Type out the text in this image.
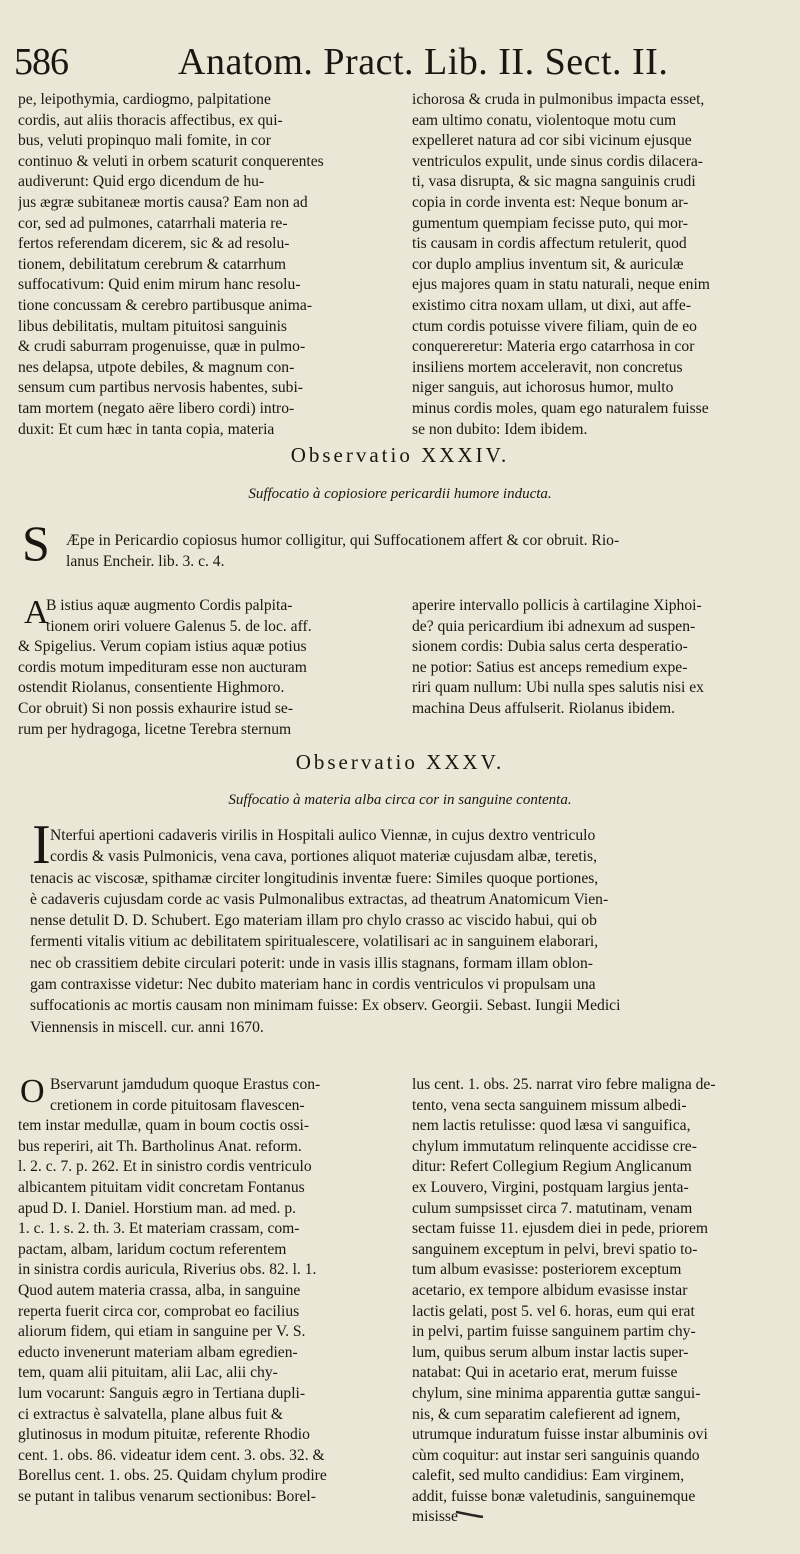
586	Anatom. Pract. Lib. II. Sect. II.
pe, leipothymia, cardiogmo, palpitatione
cordis, aut aliis thoracis affectibus, ex qui-
bus, veluti propinquo mali fomite, in cor
continuo & veluti in orbem scaturit conquerentes
audiverunt: Quid ergo dicendum de hu-
jus ægræ subitaneæ mortis causa? Eam non ad
cor, sed ad pulmones, catarrhali materia re-
fertos referendam dicerem, sic & ad resolu-
tionem, debilitatum cerebrum & catarrhum
suffocativum: Quid enim mirum hanc resolu-
tione concussam & cerebro partibusque anima-
libus debilitatis, multam pituitosi sanguinis
& crudi saburram progenuisse, quæ in pulmo-
nes delapsa, utpote debiles, & magnum con-
sensum cum partibus nervosis habentes, subi-
tam mortem (negato aëre libero cordi) intro-
duxit: Et cum hæc in tanta copia, materia
ichorosa & cruda in pulmonibus impacta esset,
eam ultimo conatu, violentoque motu cum
expelleret natura ad cor sibi vicinum ejusque
ventriculos expulit, unde sinus cordis dilacera-
ti, vasa disrupta, & sic magna sanguinis crudi
copia in corde inventa est: Neque bonum ar-
gumentum quempiam fecisse puto, qui mor-
tis causam in cordis affectum retulerit, quod
cor duplo amplius inventum sit, & auriculæ
ejus majores quam in statu naturali, neque enim
existimo citra noxam ullam, ut dixi, aut affe-
ctum cordis potuisse vivere filiam, quin de eo
conquereretur: Materia ergo catarrhosa in cor
insiliens mortem acceleravit, non concretus
niger sanguis, aut ichorosus humor, multo
minus cordis moles, quam ego naturalem fuisse
se non dubito: Idem ibidem.
Observatio XXXIV.
Suffocatio à copiosiore pericardii humore inducta.
S Æpe in Pericardio copiosus humor colligitur, qui Suffocationem affert & cor obruit. Rio-
lanus Encheir. lib. 3. c. 4.
A
B istius aquæ augmento Cordis palpita-
tionem oriri voluere Galenus 5. de loc. aff.
& Spigelius. Verum copiam istius aquæ potius
cordis motum impedituram esse non aucturam
ostendit Riolanus, consentiente Highmoro.
Cor obruit) Si non possis exhaurire istud se-
rum per hydragoga, licetne Terebra sternum
aperire intervallo pollicis à cartilagine Xiphoi-
de? quia pericardium ibi adnexum ad suspen-
sionem cordis: Dubia salus certa desperatio-
ne potior: Satius est anceps remedium expe-
riri quam nullum: Ubi nulla spes salutis nisi ex
machina Deus affulserit. Riolanus ibidem.
Observatio XXXV.
Suffocatio à materia alba circa cor in sanguine contenta.
I Nterfui apertioni cadaveris virilis in Hospitali aulico Viennæ, in cujus dextro ventriculo
cordis & vasis Pulmonicis, vena cava, portiones aliquot materiæ cujusdam albæ, teretis,
tenacis ac viscosæ, spithamæ circiter longitudinis inventæ fuere: Similes quoque portiones,
è cadaveris cujusdam corde ac vasis Pulmonalibus extractas, ad theatrum Anatomicum Vien-
nense detulit D. D. Schubert. Ego materiam illam pro chylo crasso ac viscido habui, qui ob
fermenti vitalis vitium ac debilitatem spiritualescere, volatilisari ac in sanguinem elaborari,
nec ob crassitiem debite circulari poterit: unde in vasis illis stagnans, formam illam oblon-
gam contraxisse videtur: Nec dubito materiam hanc in cordis ventriculos vi propulsam una
suffocationis ac mortis causam non minimam fuisse: Ex observ. Georgii. Sebast. Iungii Medici
Viennensis in miscell. cur. anni 1670.
O Bservarunt jamdudum quoque Erastus con-
cretionem in corde pituitosam flavescen-
tem instar medullæ, quam in boum coctis ossi-
bus reperiri, ait Th. Bartholinus Anat. reform.
l. 2. c. 7. p. 262. Et in sinistro cordis ventriculo
albicantem pituitam vidit concretam Fontanus
apud D. I. Daniel. Horstium man. ad med. p.
1. c. 1. s. 2. th. 3. Et materiam crassam, com-
pactam, albam, laridum coctum referentem
in sinistra cordis auricula, Riverius obs. 82. l. 1.
Quod autem materia crassa, alba, in sanguine
reperta fuerit circa cor, comprobat eo facilius
aliorum fidem, qui etiam in sanguine per V. S.
educto invenerunt materiam albam egredien-
tem, quam alii pituitam, alii Lac, alii chy-
lum vocarunt: Sanguis ægro in Tertiana dupli-
ci extractus è salvatella, plane albus fuit &
glutinosus in modum pituitæ, referente Rhodio
cent. 1. obs. 86. videatur idem cent. 3. obs. 32. &
Borellus cent. 1. obs. 25. Quidam chylum prodire
se putant in talibus venarum sectionibus: Borel-
lus cent. 1. obs. 25. narrat viro febre maligna de-
tento, vena secta sanguinem missum albedi-
nem lactis retulisse: quod læsa vi sanguifica,
chylum immutatum relinquente accidisse cre-
ditur: Refert Collegium Regium Anglicanum
ex Louvero, Virgini, postquam largius jenta-
culum sumpsisset circa 7. matutinam, venam
sectam fuisse 11. ejusdem diei in pede, priorem
sanguinem exceptum in pelvi, brevi spatio to-
tum album evasisse: posteriorem exceptum
acetario, ex tempore albidum evasisse instar
lactis gelati, post 5. vel 6. horas, eum qui erat
in pelvi, partim fuisse sanguinem partim chy-
lum, quibus serum album instar lactis super-
natabat: Qui in acetario erat, merum fuisse
chylum, sine minima apparentia guttæ sangui-
nis, & cum separatim calefierent ad ignem,
utrumque induratum fuisse instar albuminis ovi
cùm coquitur: aut instar seri sanguinis quando
calefit, sed multo candidius: Eam virginem,
addit, fuisse bonæ valetudinis, sanguinemque
misisse
